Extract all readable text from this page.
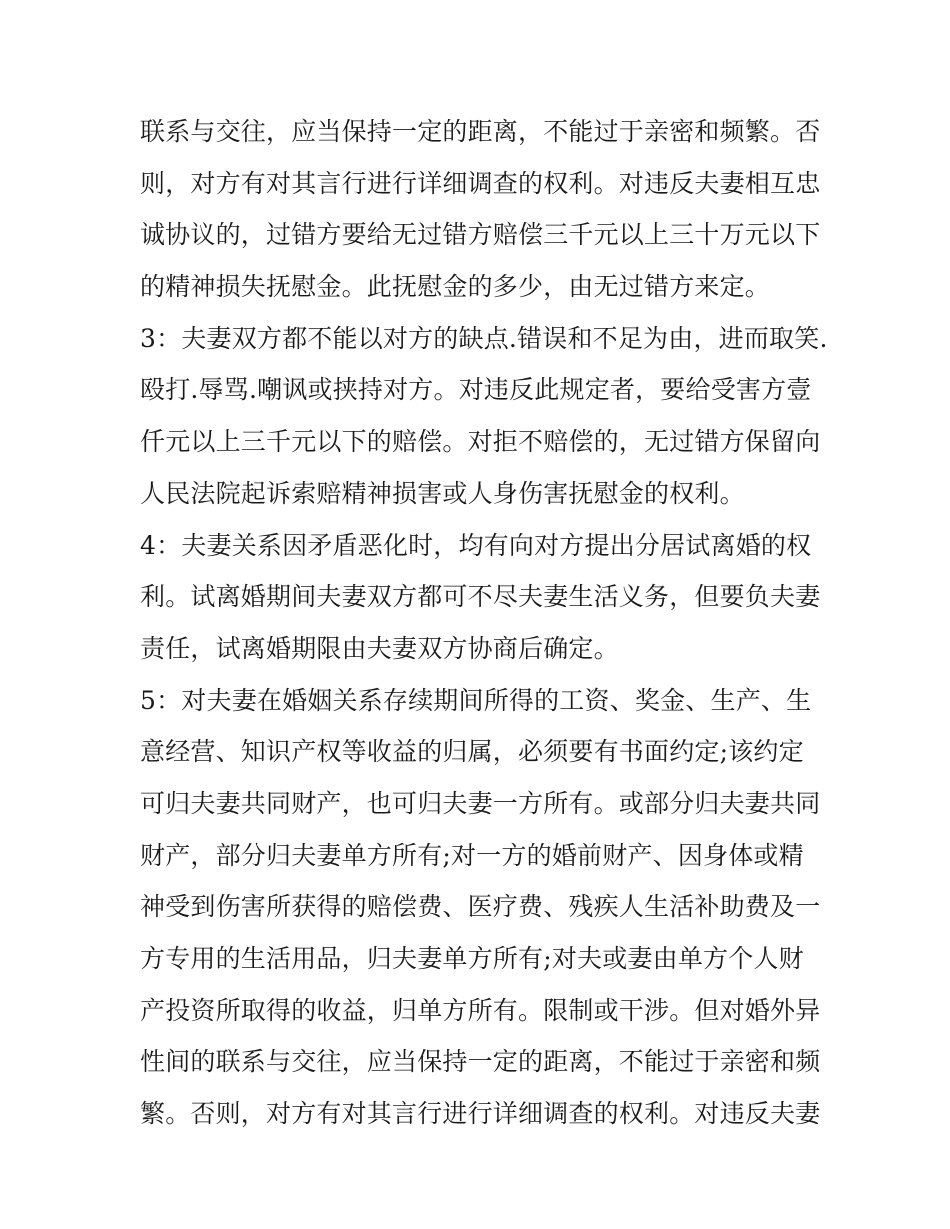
联系与交往，应当保持一定的距离，不能过于亲密和频繁。否
则，对方有对其言行进行详细调查的权利。对违反夫妻相互忠
诚协议的，过错方要给无过错方赔偿三千元以上三十万元以下
的精神损失抚慰金。此抚慰金的多少，由无过错方来定。
3：夫妻双方都不能以对方的缺点.错误和不足为由，进而取笑.
殴打.辱骂.嘲讽或挟持对方。对违反此规定者，要给受害方壹
仟元以上三千元以下的赔偿。对拒不赔偿的，无过错方保留向
人民法院起诉索赔精神损害或人身伤害抚慰金的权利。
4：夫妻关系因矛盾恶化时，均有向对方提出分居试离婚的权
利。试离婚期间夫妻双方都可不尽夫妻生活义务，但要负夫妻
责任，试离婚期限由夫妻双方协商后确定。
5：对夫妻在婚姻关系存续期间所得的工资、奖金、生产、生
意经营、知识产权等收益的归属，必须要有书面约定;该约定
可归夫妻共同财产，也可归夫妻一方所有。或部分归夫妻共同
财产，部分归夫妻单方所有;对一方的婚前财产、因身体或精
神受到伤害所获得的赔偿费、医疗费、残疾人生活补助费及一
方专用的生活用品，归夫妻单方所有;对夫或妻由单方个人财
产投资所取得的收益，归单方所有。限制或干涉。但对婚外异
性间的联系与交往，应当保持一定的距离，不能过于亲密和频
繁。否则，对方有对其言行进行详细调查的权利。对违反夫妻
